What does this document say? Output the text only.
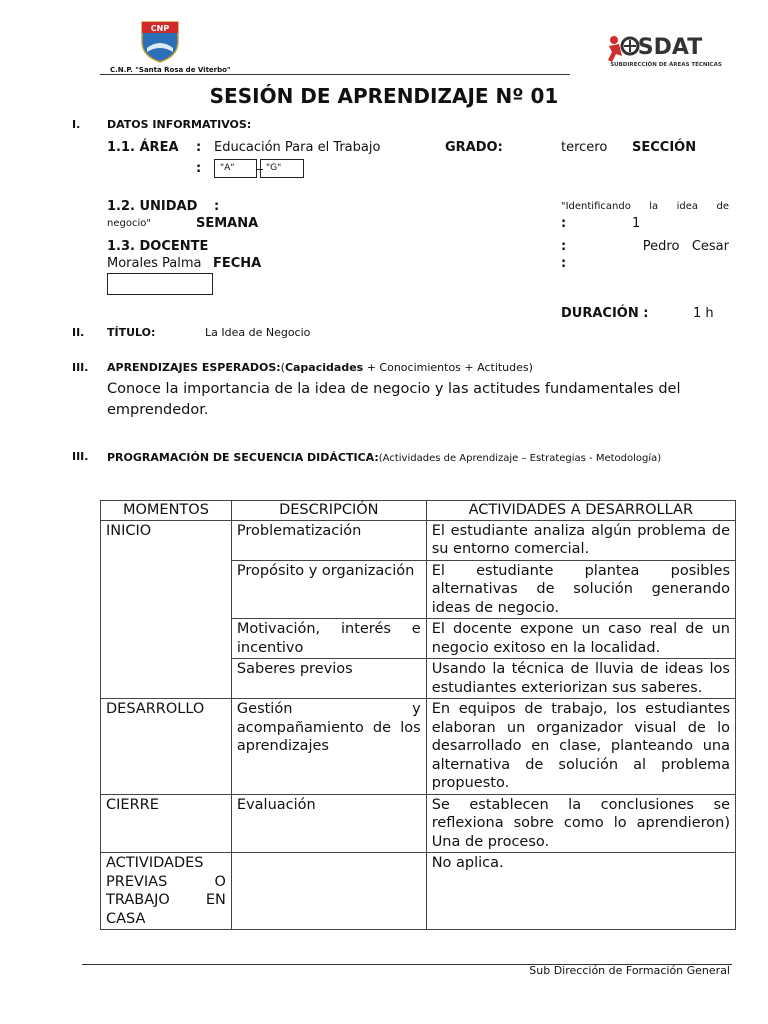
CNP
C.N.P. "Santa Rosa de Viterbo"
SDAT
SUBDIRECCIÓN DE ÁREAS TÉCNICAS
SESIÓN DE APRENDIZAJE Nº 01
I. DATOS INFORMATIVOS:
1.1. ÁREA : Educación Para el Trabajo	GRADO:	tercero SECCIÓN
:	"A"	"G"
1.2. UNIDAD :	"Identificando la idea de
negocio"	SEMANA	:	1
1.3. DOCENTE	:	Pedro   Cesar
Morales Palma FECHA	:
DURACIÓN :	1 h
II. TÍTULO:	La Idea de Negocio
III. APRENDIZAJES ESPERADOS:(Capacidades + Conocimientos + Actitudes)
Conoce la importancia de la idea de negocio y las actitudes fundamentales del emprendedor.
III. PROGRAMACIÓN DE SECUENCIA DIDÁCTICA:(Actividades de Aprendizaje – Estrategias - Metodología)
MOMENTOS	DESCRIPCIÓN	ACTIVIDADES A DESARROLLAR
INICIO	Problematización	El estudiante analiza algún problema de su entorno comercial.
	Propósito y organización	El estudiante plantea posibles alternativas de solución generando ideas de negocio.
	Motivación, interés e incentivo	El docente expone un caso real de un negocio exitoso en la localidad.
	Saberes previos	Usando la técnica de lluvia de ideas los estudiantes exteriorizan sus saberes.
DESARROLLO	Gestión y acompañamiento de los aprendizajes	En equipos de trabajo, los estudiantes elaboran un organizador visual de lo desarrollado en clase, planteando una alternativa de solución al problema propuesto.
CIERRE	Evaluación	Se establecen la conclusiones se reflexiona sobre como lo aprendieron) Una de proceso.
ACTIVIDADES PREVIAS O TRABAJO EN CASA		No aplica.
Sub Dirección de Formación General
